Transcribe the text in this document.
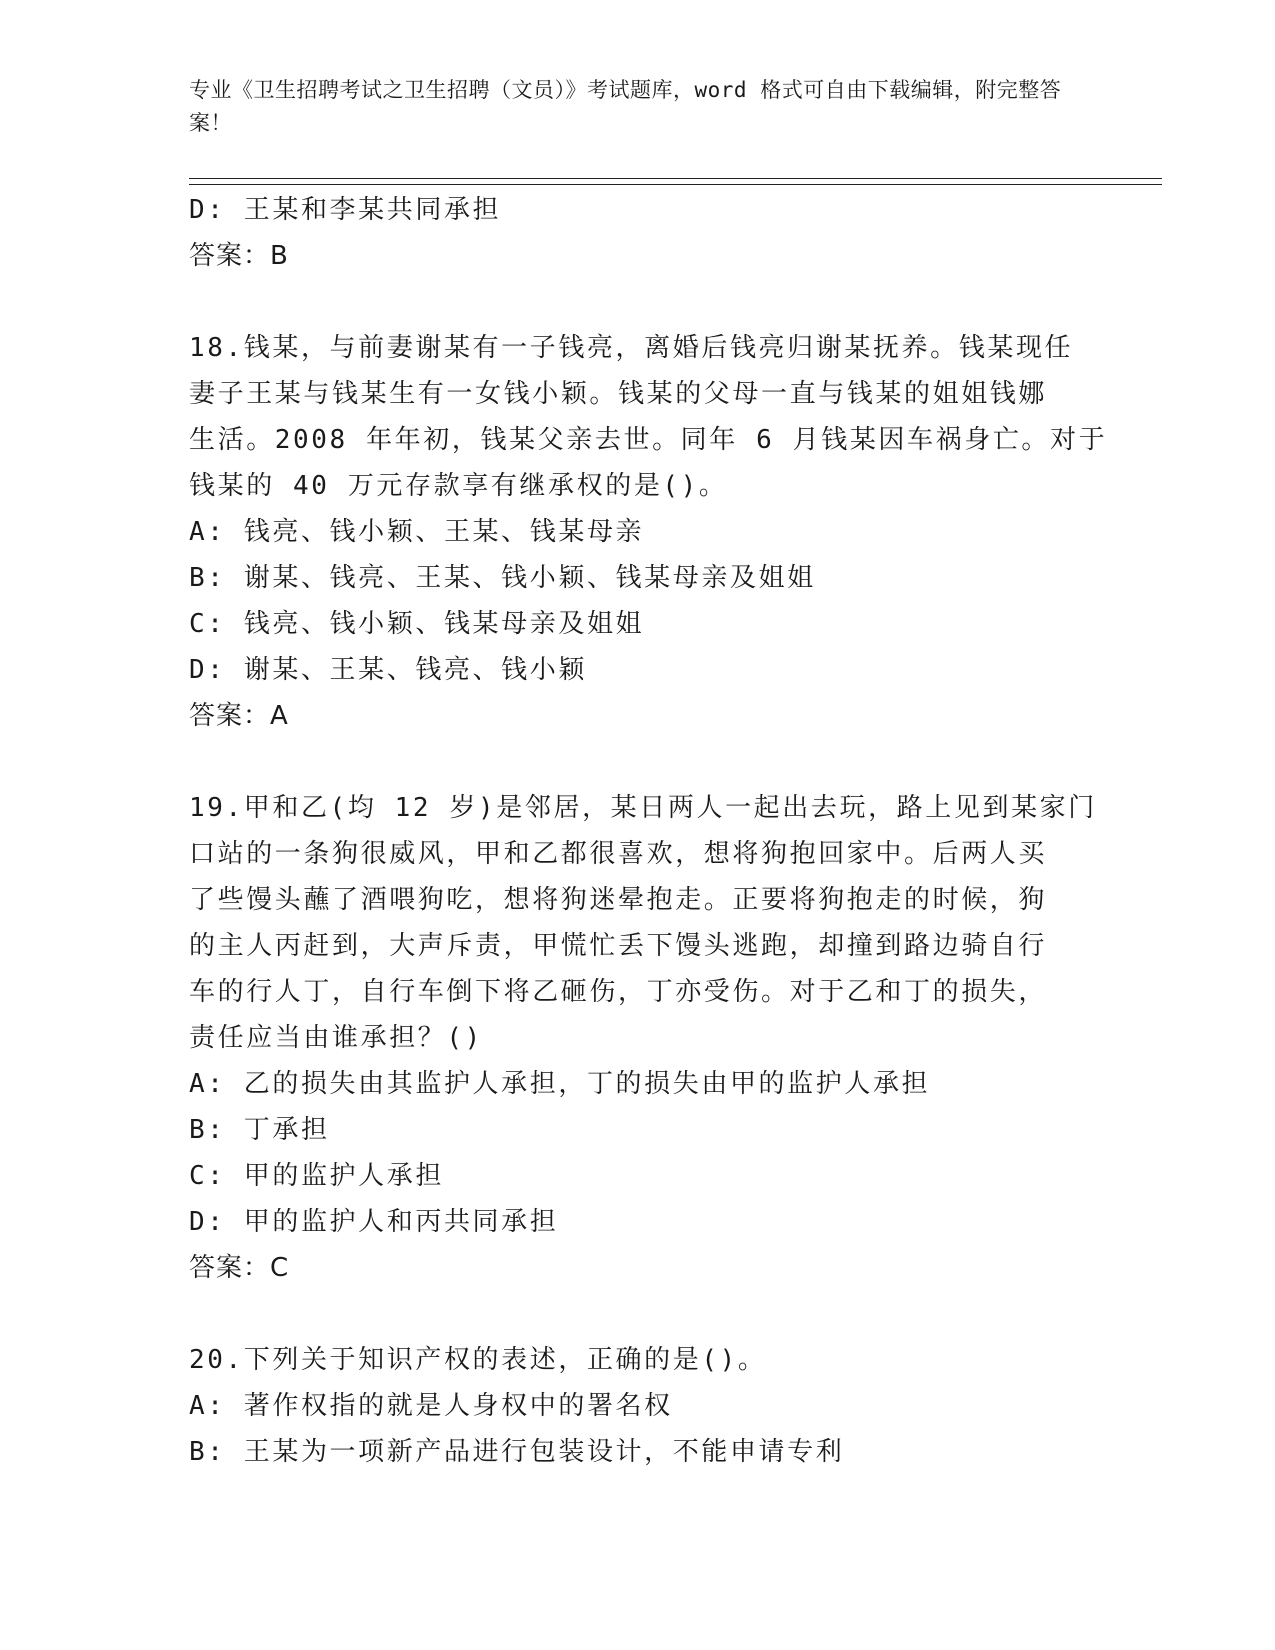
专业《卫生招聘考试之卫生招聘（文员）》考试题库，word 格式可自由下载编辑，附完整答案！
D: 王某和李某共同承担
答案：B
18.钱某，与前妻谢某有一子钱亮，离婚后钱亮归谢某抚养。钱某现任
妻子王某与钱某生有一女钱小颖。钱某的父母一直与钱某的姐姐钱娜
生活。2008 年年初，钱某父亲去世。同年 6 月钱某因车祸身亡。对于
钱某的 40 万元存款享有继承权的是()。
A: 钱亮、钱小颖、王某、钱某母亲
B: 谢某、钱亮、王某、钱小颖、钱某母亲及姐姐
C: 钱亮、钱小颖、钱某母亲及姐姐
D: 谢某、王某、钱亮、钱小颖
答案：A
19.甲和乙(均 12 岁)是邻居，某日两人一起出去玩，路上见到某家门
口站的一条狗很威风，甲和乙都很喜欢，想将狗抱回家中。后两人买
了些馒头蘸了酒喂狗吃，想将狗迷晕抱走。正要将狗抱走的时候，狗
的主人丙赶到，大声斥责，甲慌忙丢下馒头逃跑，却撞到路边骑自行
车的行人丁，自行车倒下将乙砸伤，丁亦受伤。对于乙和丁的损失，
责任应当由谁承担？()
A: 乙的损失由其监护人承担，丁的损失由甲的监护人承担
B: 丁承担
C: 甲的监护人承担
D: 甲的监护人和丙共同承担
答案：C
20.下列关于知识产权的表述，正确的是()。
A: 著作权指的就是人身权中的署名权
B: 王某为一项新产品进行包装设计，不能申请专利
